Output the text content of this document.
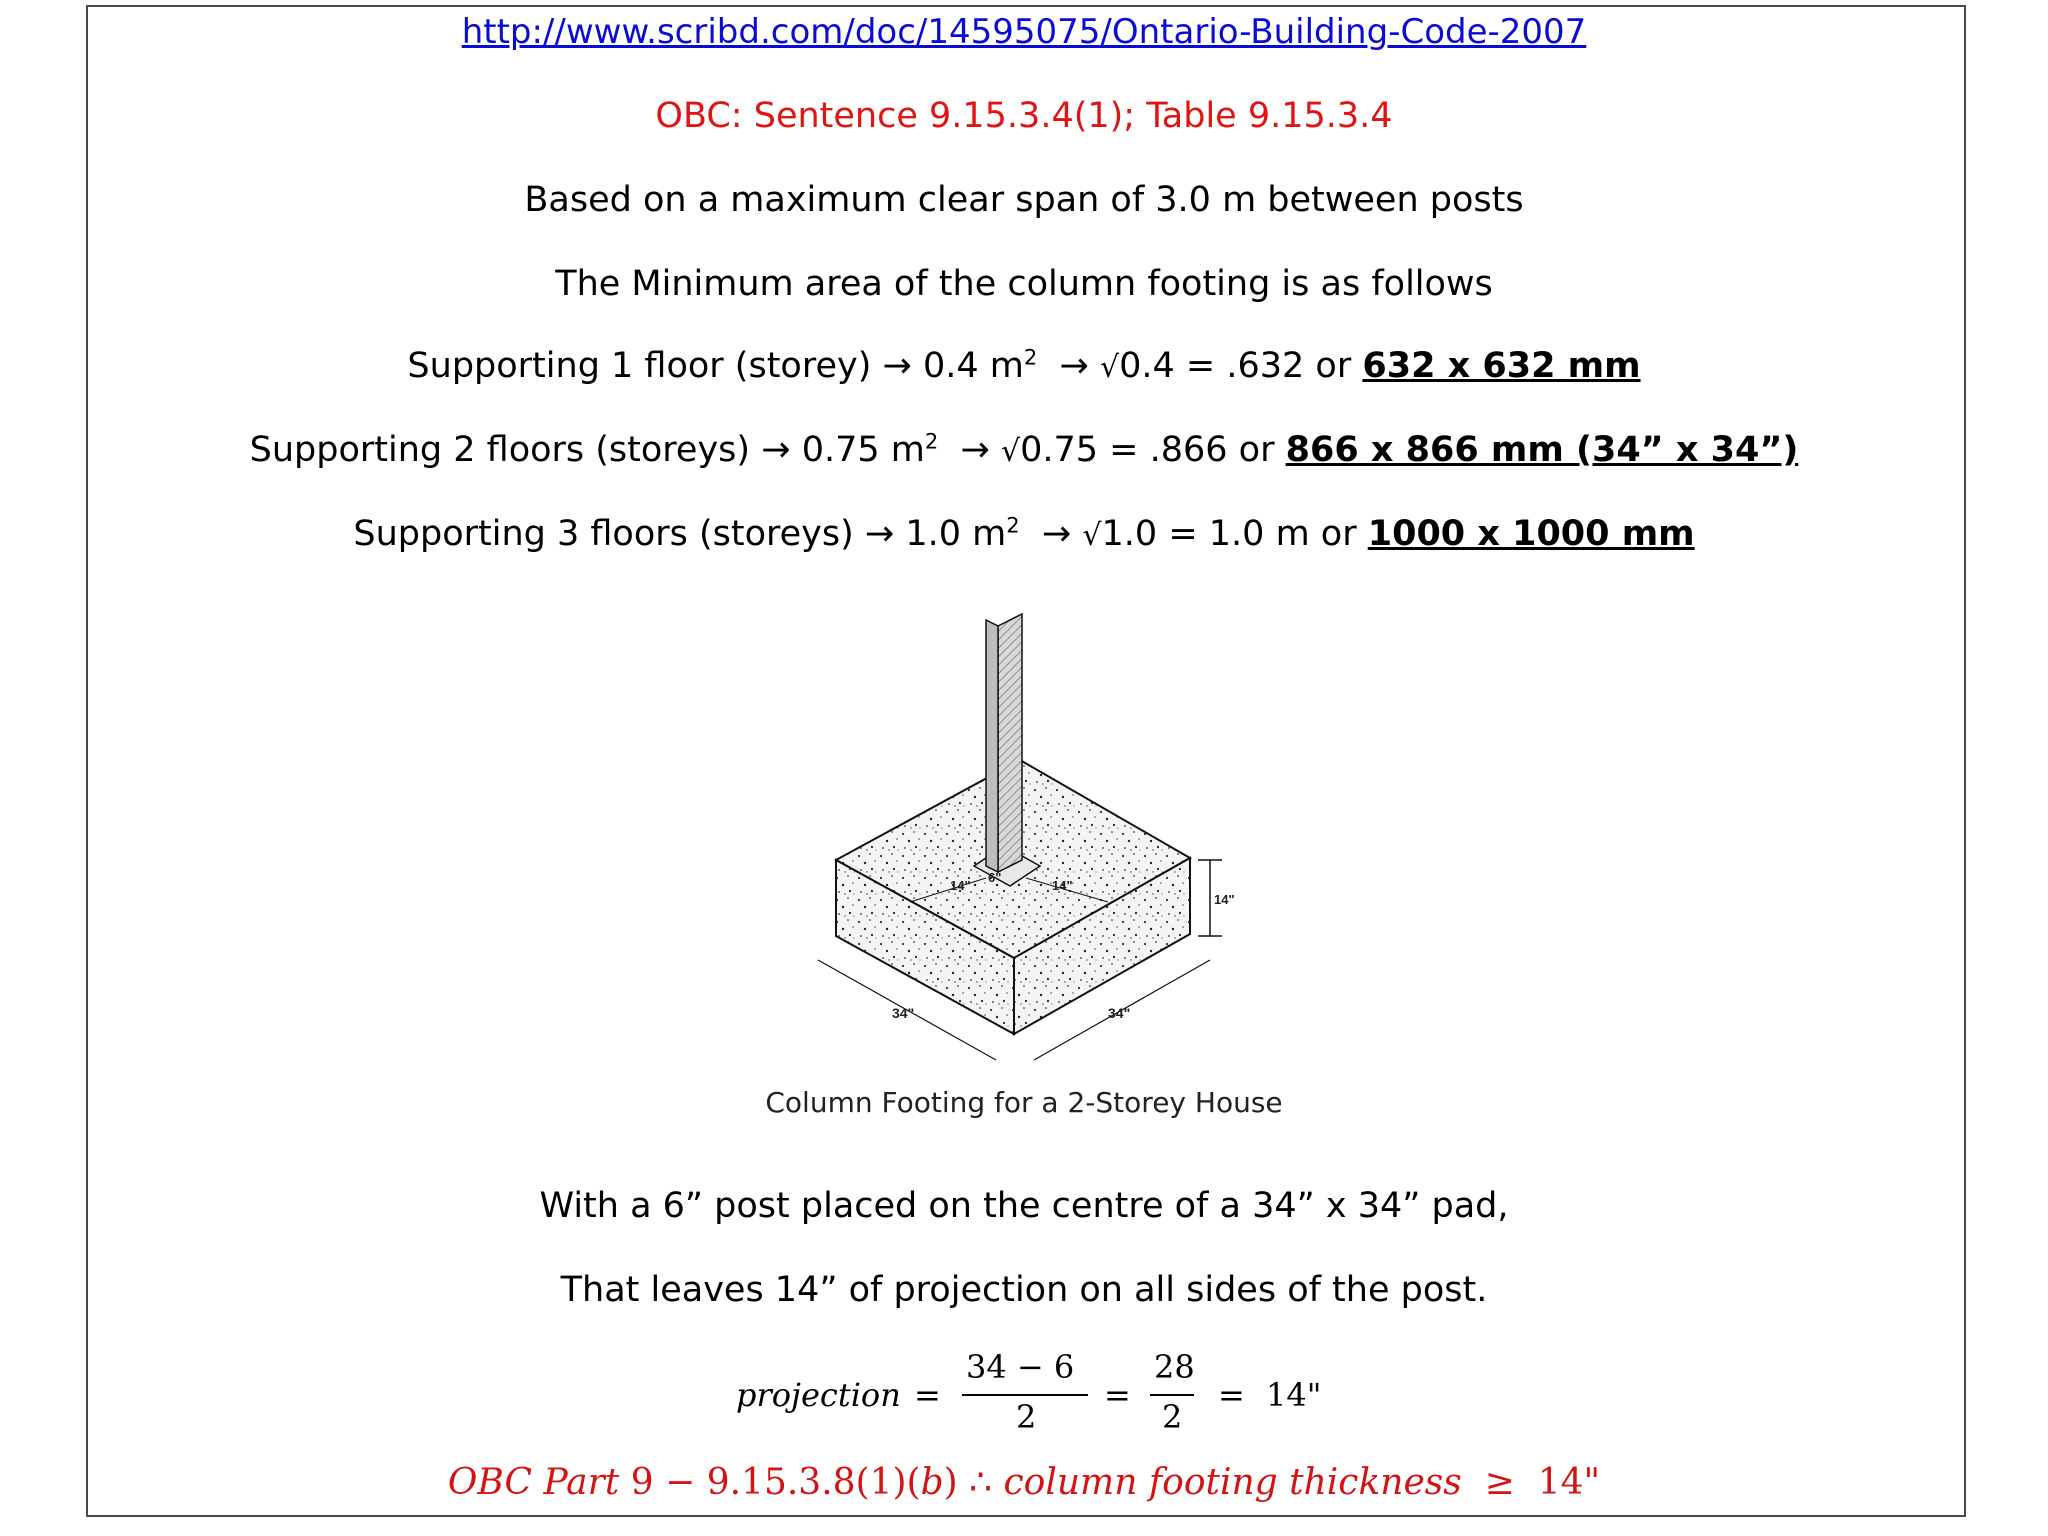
http://www.scribd.com/doc/14595075/Ontario-Building-Code-2007
OBC: Sentence 9.15.3.4(1); Table 9.15.3.4
Based on a maximum clear span of 3.0 m between posts
The Minimum area of the column footing is as follows
Supporting 1 floor (storey) → 0.4 $m^2 \to √0.4 = .632$ or 632 x 632 mm
Supporting 2 floors (storeys) → 0.75 $m^2 \to √0.75 = .866$ or 866 x 866 mm (34” x 34”)
Supporting 3 floors (storeys) → 1.0 $m^2 \to √1.0 = 1.0$ m or 1000 x 1000 mm
14"
6"
14"
14"
34"	34"
Column Footing for a 2-Storey House
With a 6” post placed on the centre of a 34” x 34” pad,
That leaves 14” of projection on all sides of the post.
projection =
34 − 6
2
=
28
2
= 14"
OBC Part 9 − 9.15.3.8(1)(b) ∴ column footing thickness ≥ 14"
